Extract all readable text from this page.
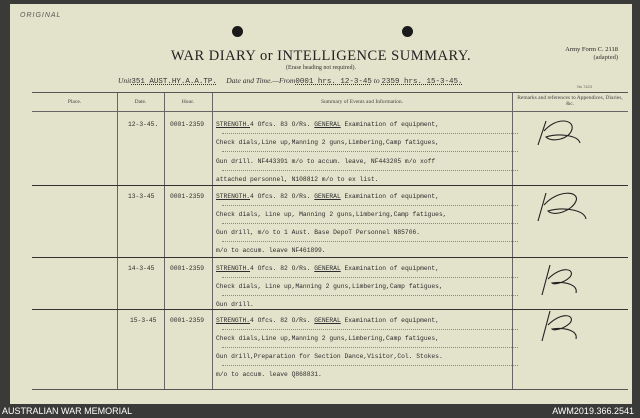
ORIGINAL
Army Form C. 2118
(adapted)
WAR DIARY or INTELLIGENCE SUMMARY.
(Erase heading not required).
Unit351 AUST.HY.A.A.TP. Date and Time.—From0001 hrs. 12-3-45 to 2359 hrs. 15-3-45.
Ns 7423
Place.	Date.	Hour.	Summary of Events and Information.
Remarks and references to Appendices, Diaries, &c.
12-3-45. 0001-2359 STRENGTH.4 Ofcs. 83 O/Rs. GENERAL Examination of equipment,
Check dials,Line up,Manning 2 guns,Limbering,Camp fatigues,
Gun drill. NF443391 m/o to accum. leave, NF443205 m/o xoff
attached personnel, N108812 m/o to ex list.
13-3-45 0001-2359 STRENGTH.4 Ofcs. 82 O/Rs. GENERAL Examination of equipment,
Check dials, Line up, Manning 2 guns,Limbering,Camp fatigues,
Gun drill, m/o to 1 Aust. Base DepoT Personnel N85706.
m/o to accum. leave NF461899.
14-3-45 0001-2359 STRENGTH.4 Ofcs. 82 O/Rs. GENERAL Examination of equipment,
Check dials, Line up,Manning 2 guns,Limbering,Camp fatigues,
Gun drill.
15-3-45 0001-2359 STRENGTH.4 Ofcs. 82 O/Rs. GENERAL Examination of equipment,
Check dials,Line up,Manning 2 guns,Limbering,Camp fatigues,
Gun drill,Preparation for Section Dance,Visitor,Col. Stokes.
m/o to accum. leave Q868831.
AUSTRALIAN WAR MEMORIAL	AWM2019.366.2541
